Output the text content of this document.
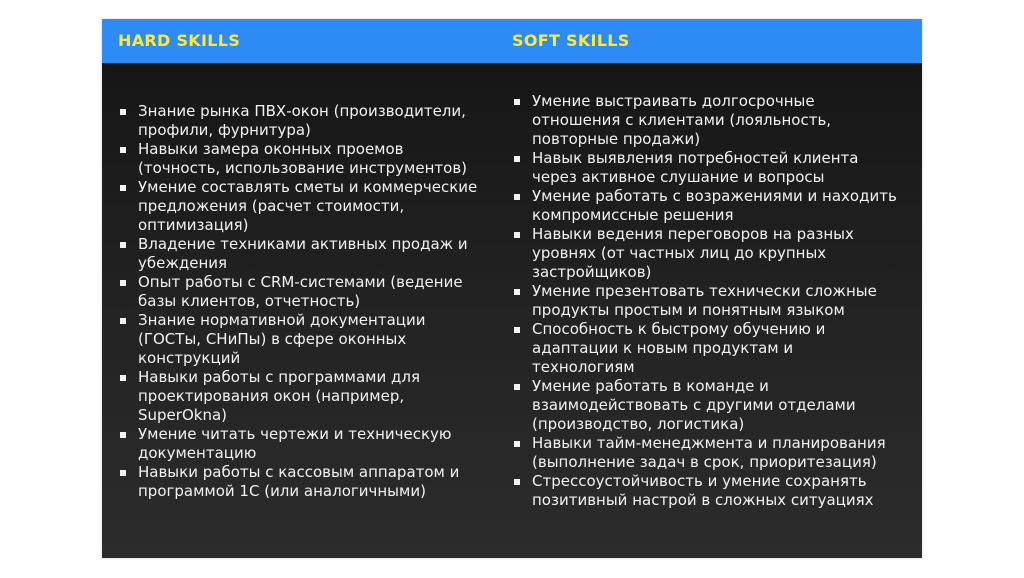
HARD SKILLS	SOFT SKILLS
Знание рынка ПВХ-окон (производители, профили, фурнитура)
Навыки замера оконных проемов (точность, использование инструментов)
Умение составлять сметы и коммерческие предложения (расчет стоимости, оптимизация)
Владение техниками активных продаж и убеждения
Опыт работы с CRM-системами (ведение базы клиентов, отчетность)
Знание нормативной документации (ГОСТы, СНиПы) в сфере оконных конструкций
Навыки работы с программами для проектирования окон (например, SuperOkna)
Умение читать чертежи и техническую документацию
Навыки работы с кассовым аппаратом и программой 1С (или аналогичными)
Умение выстраивать долгосрочные отношения с клиентами (лояльность, повторные продажи)
Навык выявления потребностей клиента через активное слушание и вопросы
Умение работать с возражениями и находить компромиссные решения
Навыки ведения переговоров на разных уровнях (от частных лиц до крупных застройщиков)
Умение презентовать технически сложные продукты простым и понятным языком
Способность к быстрому обучению и адаптации к новым продуктам и технологиям
Умение работать в команде и взаимодействовать с другими отделами (производство, логистика)
Навыки тайм-менеджмента и планирования (выполнение задач в срок, приоритезация)
Стрессоустойчивость и умение сохранять позитивный настрой в сложных ситуациях
